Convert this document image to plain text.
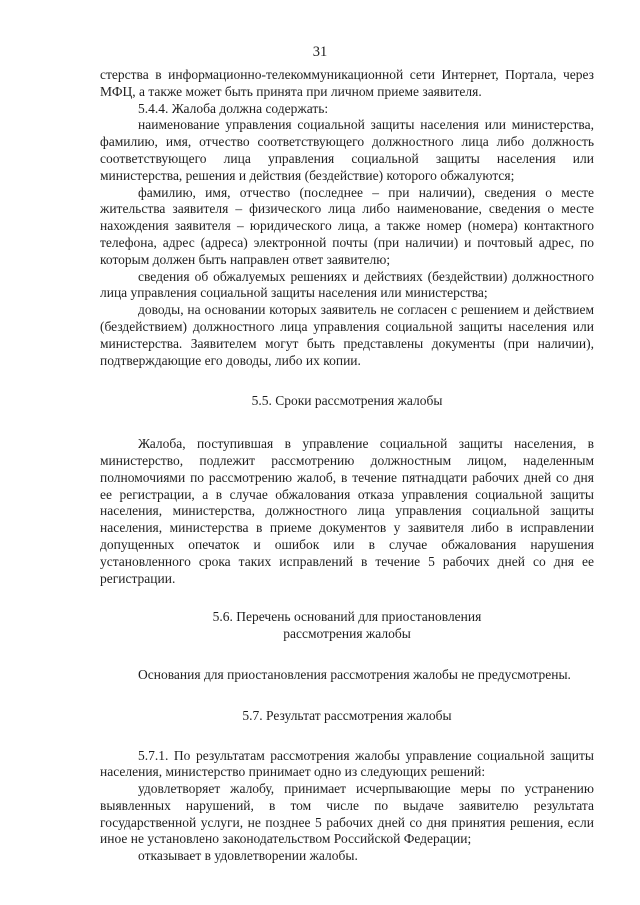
31

стерства в информационно-телекоммуникационной сети Интернет, Портала, через МФЦ, а также может быть принята при личном приеме заявителя.

5.4.4. Жалоба должна содержать:

наименование управления социальной защиты населения или министерства, фамилию, имя, отчество соответствующего должностного лица либо должность соответствующего лица управления социальной защиты населения или министерства, решения и действия (бездействие) которого обжалуются;

фамилию, имя, отчество (последнее – при наличии), сведения о месте жительства заявителя – физического лица либо наименование, сведения о месте нахождения заявителя – юридического лица, а также номер (номера) контактного телефона, адрес (адреса) электронной почты (при наличии) и почтовый адрес, по которым должен быть направлен ответ заявителю;

сведения об обжалуемых решениях и действиях (бездействии) должностного лица управления социальной защиты населения или министерства;

доводы, на основании которых заявитель не согласен с решением и действием (бездействием) должностного лица управления социальной защиты населения или министерства. Заявителем могут быть представлены документы (при наличии), подтверждающие его доводы, либо их копии.

5.5. Сроки рассмотрения жалобы

Жалоба, поступившая в управление социальной защиты населения, в министерство, подлежит рассмотрению должностным лицом, наделенным полномочиями по рассмотрению жалоб, в течение пятнадцати рабочих дней со дня ее регистрации, а в случае обжалования отказа управления социальной защиты населения, министерства, должностного лица управления социальной защиты населения, министерства в приеме документов у заявителя либо в исправлении допущенных опечаток и ошибок или в случае обжалования нарушения установленного срока таких исправлений в течение 5 рабочих дней со дня ее регистрации.

5.6. Перечень оснований для приостановления
рассмотрения жалобы

Основания для приостановления рассмотрения жалобы не предусмотрены.

5.7. Результат рассмотрения жалобы

5.7.1. По результатам рассмотрения жалобы управление социальной защиты населения, министерство принимает одно из следующих решений:

удовлетворяет жалобу, принимает исчерпывающие меры по устранению выявленных нарушений, в том числе по выдаче заявителю результата государственной услуги, не позднее 5 рабочих дней со дня принятия решения, если иное не установлено законодательством Российской Федерации;

отказывает в удовлетворении жалобы.
